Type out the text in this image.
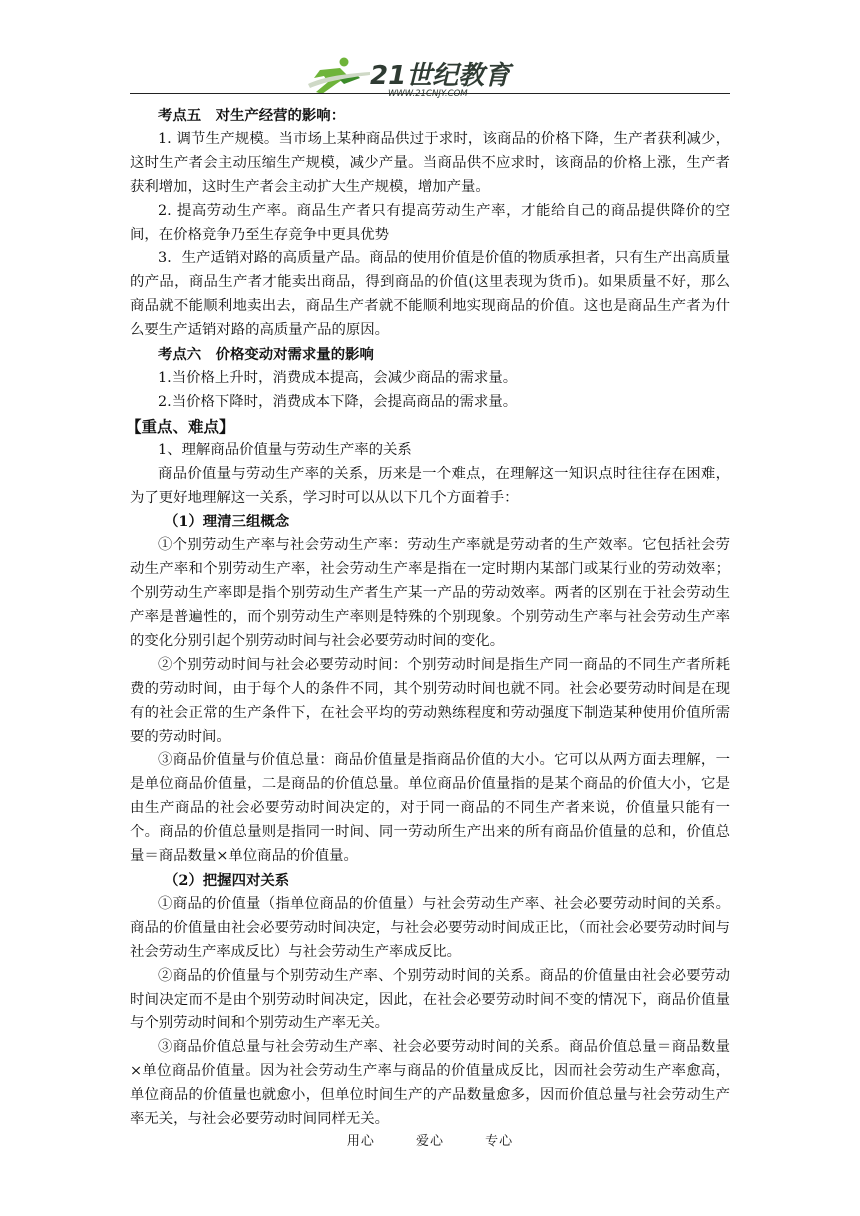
21世纪教育
WWW.21CNJY.COM

考点五　对生产经营的影响：

1. 调节生产规模。当市场上某种商品供过于求时，该商品的价格下降，生产者获利减少，这时生产者会主动压缩生产规模，减少产量。当商品供不应求时，该商品的价格上涨，生产者获利增加，这时生产者会主动扩大生产规模，增加产量。

2. 提高劳动生产率。商品生产者只有提高劳动生产率，才能给自己的商品提供降价的空间，在价格竞争乃至生存竞争中更具优势

3．生产适销对路的高质量产品。商品的使用价值是价值的物质承担者，只有生产出高质量的产品，商品生产者才能卖出商品，得到商品的价值(这里表现为货币)。如果质量不好，那么商品就不能顺利地卖出去，商品生产者就不能顺利地实现商品的价值。这也是商品生产者为什么要生产适销对路的高质量产品的原因。

考点六　价格变动对需求量的影响

1.当价格上升时，消费成本提高，会减少商品的需求量。

2.当价格下降时，消费成本下降，会提高商品的需求量。

【重点、难点】

1、理解商品价值量与劳动生产率的关系

商品价值量与劳动生产率的关系，历来是一个难点，在理解这一知识点时往往存在困难，为了更好地理解这一关系，学习时可以从以下几个方面着手：

（1）理清三组概念

①个别劳动生产率与社会劳动生产率：劳动生产率就是劳动者的生产效率。它包括社会劳动生产率和个别劳动生产率，社会劳动生产率是指在一定时期内某部门或某行业的劳动效率；个别劳动生产率即是指个别劳动生产者生产某一产品的劳动效率。两者的区别在于社会劳动生产率是普遍性的，而个别劳动生产率则是特殊的个别现象。个别劳动生产率与社会劳动生产率的变化分别引起个别劳动时间与社会必要劳动时间的变化。

②个别劳动时间与社会必要劳动时间：个别劳动时间是指生产同一商品的不同生产者所耗费的劳动时间，由于每个人的条件不同，其个别劳动时间也就不同。社会必要劳动时间是在现有的社会正常的生产条件下，在社会平均的劳动熟练程度和劳动强度下制造某种使用价值所需要的劳动时间。

③商品价值量与价值总量：商品价值量是指商品价值的大小。它可以从两方面去理解，一是单位商品价值量，二是商品的价值总量。单位商品价值量指的是某个商品的价值大小，它是由生产商品的社会必要劳动时间决定的，对于同一商品的不同生产者来说，价值量只能有一个。商品的价值总量则是指同一时间、同一劳动所生产出来的所有商品价值量的总和，价值总量＝商品数量×单位商品的价值量。

（2）把握四对关系

①商品的价值量（指单位商品的价值量）与社会劳动生产率、社会必要劳动时间的关系。商品的价值量由社会必要劳动时间决定，与社会必要劳动时间成正比，（而社会必要劳动时间与社会劳动生产率成反比）与社会劳动生产率成反比。

②商品的价值量与个别劳动生产率、个别劳动时间的关系。商品的价值量由社会必要劳动时间决定而不是由个别劳动时间决定，因此，在社会必要劳动时间不变的情况下，商品价值量与个别劳动时间和个别劳动生产率无关。

③商品价值总量与社会劳动生产率、社会必要劳动时间的关系。商品价值总量＝商品数量×单位商品价值量。因为社会劳动生产率与商品的价值量成反比，因而社会劳动生产率愈高，单位商品的价值量也就愈小，但单位时间生产的产品数量愈多，因而价值总量与社会劳动生产率无关，与社会必要劳动时间同样无关。

用心	爱心	专心
